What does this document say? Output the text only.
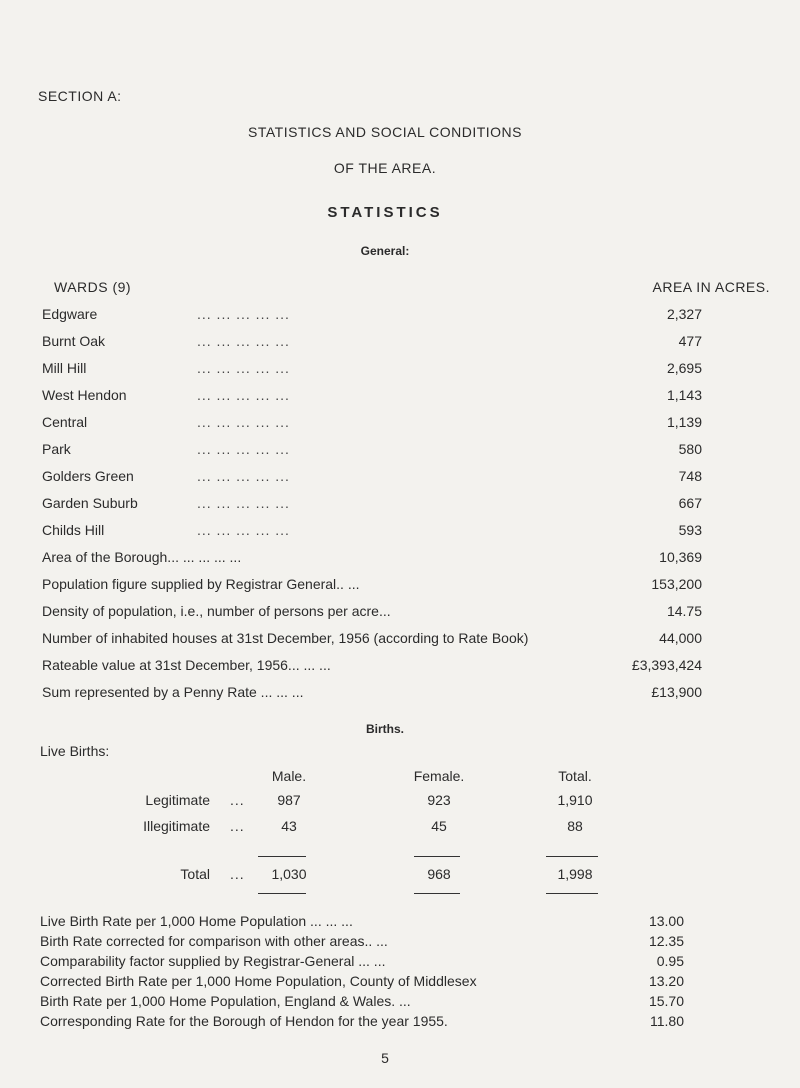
SECTION A:
STATISTICS AND SOCIAL CONDITIONS
OF THE AREA.
STATISTICS
General:
WARDS (9)	AREA IN ACRES.
Edgware	... ... ... ... ...	2,327
Burnt Oak	... ... ... ... ...	477
Mill Hill	... ... ... ... ...	2,695
West Hendon	... ... ... ... ...	1,143
Central	... ... ... ... ...	1,139
Park	... ... ... ... ...	580
Golders Green	... ... ... ... ...	748
Garden Suburb	... ... ... ... ...	667
Childs Hill	... ... ... ... ...	593
Area of the Borough... ... ... ... ...	10,369
Population figure supplied by Registrar General.. ...	153,200
Density of population, i.e., number of persons per acre...	14.75
Number of inhabited houses at 31st December, 1956 (according to Rate Book)	44,000
Rateable value at 31st December, 1956... ... ...	£3,393,424
Sum represented by a Penny Rate ... ... ...	£13,900
Births.
Live Births:
Male.	Female.	Total.
Legitimate ...	987	923	1,910
Illegitimate ...	43	45	88
Total ...	1,030	968	1,998
Live Birth Rate per 1,000 Home Population ... ... ...	13.00
Birth Rate corrected for comparison with other areas.. ...	12.35
Comparability factor supplied by Registrar-General ... ...	0.95
Corrected Birth Rate per 1,000 Home Population, County of Middlesex	13.20
Birth Rate per 1,000 Home Population, England & Wales. ...	15.70
Corresponding Rate for the Borough of Hendon for the year 1955.	11.80
5
